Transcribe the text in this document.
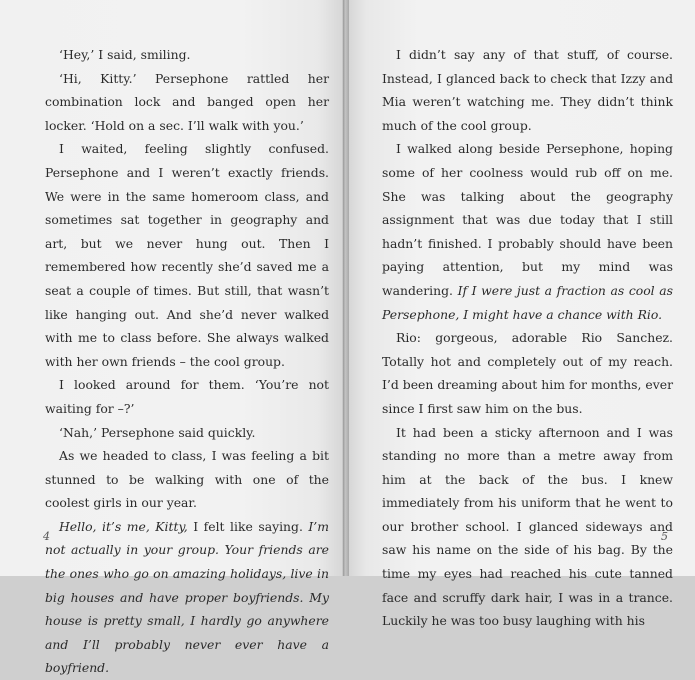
‘Hey,’ I said, smiling.

‘Hi, Kitty.’ Persephone rattled her combination lock and banged open her locker. ‘Hold on a sec. I’ll walk with you.’

I waited, feeling slightly confused. Persephone and I weren’t exactly friends. We were in the same homeroom class, and sometimes sat together in geography and art, but we never hung out. Then I remembered how recently she’d saved me a seat a couple of times. But still, that wasn’t like hanging out. And she’d never walked with me to class before. She always walked with her own friends – the cool group.

I looked around for them. ‘You’re not waiting for –?’

‘Nah,’ Persephone said quickly.

As we headed to class, I was feeling a bit stunned to be walking with one of the coolest girls in our year.

Hello, it’s me, Kitty, I felt like saying. I’m not actually in your group. Your friends are the ones who go on amazing holidays, live in big houses and have proper boyfriends. My house is pretty small, I hardly go anywhere and I’ll probably never ever have a boyfriend.

4

I didn’t say any of that stuff, of course. Instead, I glanced back to check that Izzy and Mia weren’t watching me. They didn’t think much of the cool group.

I walked along beside Persephone, hoping some of her coolness would rub off on me. She was talking about the geography assignment that was due today that I still hadn’t finished. I probably should have been paying attention, but my mind was wandering. If I were just a fraction as cool as Persephone, I might have a chance with Rio.

Rio: gorgeous, adorable Rio Sanchez. Totally hot and completely out of my reach. I’d been dreaming about him for months, ever since I first saw him on the bus.

It had been a sticky afternoon and I was standing no more than a metre away from him at the back of the bus. I knew immediately from his uniform that he went to our brother school. I glanced sideways and saw his name on the side of his bag. By the time my eyes had reached his cute tanned face and scruffy dark hair, I was in a trance. Luckily he was too busy laughing with his

5
